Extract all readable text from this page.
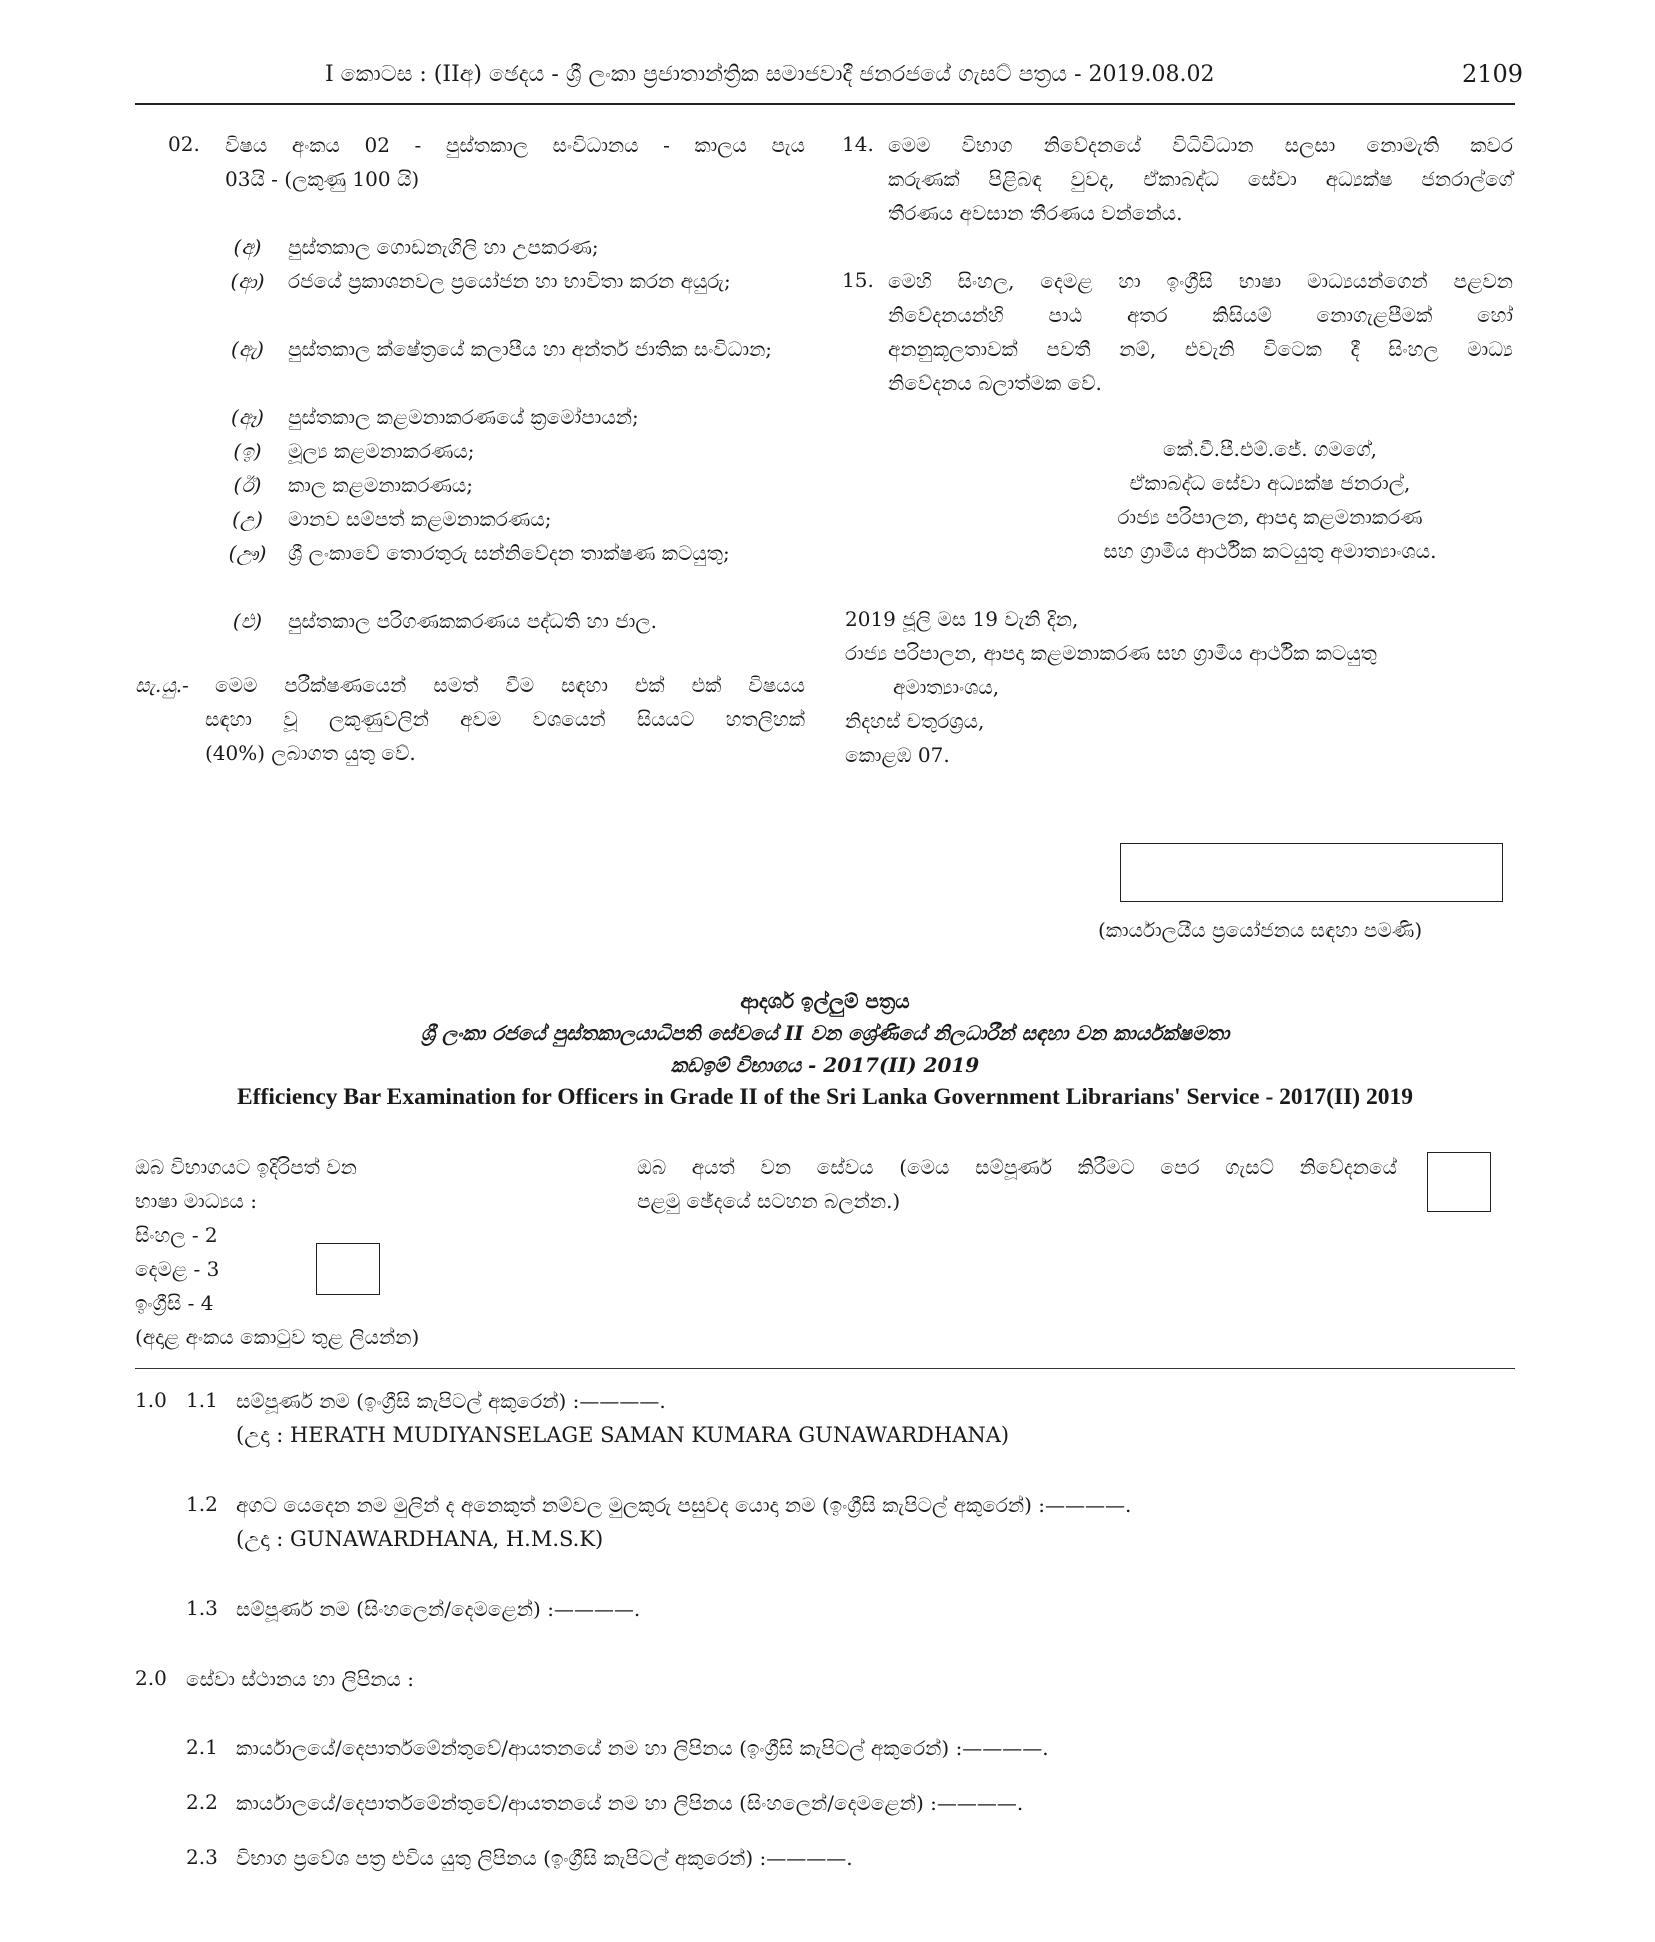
I කොටස : (IIඅ) ඡෙදය - ශ්‍රී ලංකා ප්‍රජාතාන්ත්‍රික සමාජවාදී ජනරජයේ ගැසට් පත්‍රය - 2019.08.02	2109
02. විෂය අංකය 02 - පුස්තකාල සංවිධානය - කාලය පැය
03යි - (ලකුණු 100 යි)
(අ)	පුස්තකාල ගොඩනැගිලි හා උපකරණ;
(ආ)	රජයේ ප්‍රකාශනවල ප්‍රයෝජන හා භාවිතා කරන අයුරු;
(ඇ)	පුස්තකාල ක්ෂේත්‍රයේ කලාපීය හා අන්තර් ජාතික සංවිධාන;
(ඈ)	පුස්තකාල කළමනාකරණයේ ක්‍රමෝපායන්;
(ඉ)	මූල්‍ය කළමනාකරණය;
(ඊ)	කාල කළමනාකරණය;
(උ)	මානව සම්පත් කළමනාකරණය;
(ඌ)	ශ්‍රී ලංකාවේ තොරතුරු සන්නිවේදන තාක්ෂණ කටයුතු;
(එ)	පුස්තකාල පරිගණකකරණය පද්ධති හා ජාල.
සැ.යු.- මෙම පරීක්ෂණයෙන් සමත් වීම සඳහා එක් එක් විෂයය
සඳහා වූ ලකුණුවලින් අවම වශයෙන් සියයට හතලිහක්
(40%) ලබාගත යුතු වේ.
14. මෙම විභාග නිවේදනයේ විධිවිධාන සලසා නොමැති කවර
කරුණක් පිළිබඳ වුවද, ඒකාබද්ධ සේවා අධ්‍යක්ෂ ජනරාල්ගේ
තීරණය අවසාන තීරණය වන්නේය.
15. මෙහි සිංහල, දෙමළ හා ඉංග්‍රීසි භාෂා මාධ්‍යයන්ගෙන් පළවන
නිවේදනයන්හි පාඨ අතර කිසියම් නොගැළපීමක් හෝ
අනනුකූලතාවක් පවතී නම්, එවැනි විටෙක දී සිංහල මාධ්‍ය
නිවේදනය බලාත්මක වේ.
කේ.වී.පී.එම්.ජේ. ගමගේ,
ඒකාබද්ධ සේවා අධ්‍යක්ෂ ජනරාල්,
රාජ්‍ය පරිපාලන, ආපදා කළමනාකරණ
සහ ග්‍රාමීය ආර්ථික කටයුතු අමාත්‍යාංශය.
2019 ජූලි මස 19 වැනි දින,
රාජ්‍ය පරිපාලන, ආපදා කළමනාකරණ සහ ග්‍රාමීය ආර්ථික කටයුතු
අමාත්‍යාංශය,
නිදහස් චතුරශ්‍රය,
කොළඹ 07.
(කාර්යාලයීය ප්‍රයෝජනය සඳහා පමණි)
ආදර්ශ ඉල්ලුම් පත්‍රය
ශ්‍රී ලංකා රජයේ පුස්තකාලයාධිපති සේවයේ II වන ශ්‍රේණියේ නිලධාරීන් සඳහා වන කාර්යක්ෂමතා
කඩඉම් විභාගය - 2017(II) 2019
Efficiency Bar Examination for Officers in Grade II of the Sri Lanka Government Librarians' Service - 2017(II) 2019
ඔබ විභාගයට ඉදිරිපත් වන
භාෂා මාධ්‍යය :
සිංහල - 2
දෙමළ - 3
ඉංග්‍රීසි - 4
(අදාළ අංකය කොටුව තුළ ලියන්න)
ඔබ අයත් වන සේවය (මෙය සම්පූර්ණ කිරීමට පෙර ගැසට් නිවේදනයේ
පළමු ඡේදයේ සටහන බලන්න.)
1.0 1.1 සම්පූර්ණ නම (ඉංග්‍රීසි කැපිටල් අකුරෙන්) :————.
(උදා : HERATH MUDIYANSELAGE SAMAN KUMARA GUNAWARDHANA)
1.2 අගට යෙදෙන නම මුලින් ද අනෙකුත් නම්වල මුලකුරු පසුවද යොදා නම (ඉංග්‍රීසි කැපිටල් අකුරෙන්) :————.
(උදා : GUNAWARDHANA, H.M.S.K)
1.3 සම්පූර්ණ නම (සිංහලෙන්/දෙමළෙන්) :————.
2.0 සේවා ස්ථානය හා ලිපිනය :
2.1 කාර්යාලයේ/දෙපාර්තමේන්තුවේ/ආයතනයේ නම හා ලිපිනය (ඉංග්‍රීසි කැපිටල් අකුරෙන්) :————.
2.2 කාර්යාලයේ/දෙපාර්තමේන්තුවේ/ආයතනයේ නම හා ලිපිනය (සිංහලෙන්/දෙමළෙන්) :————.
2.3 විභාග ප්‍රවේශ පත්‍ර එවිය යුතු ලිපිනය (ඉංග්‍රීසි කැපිටල් අකුරෙන්) :————.
